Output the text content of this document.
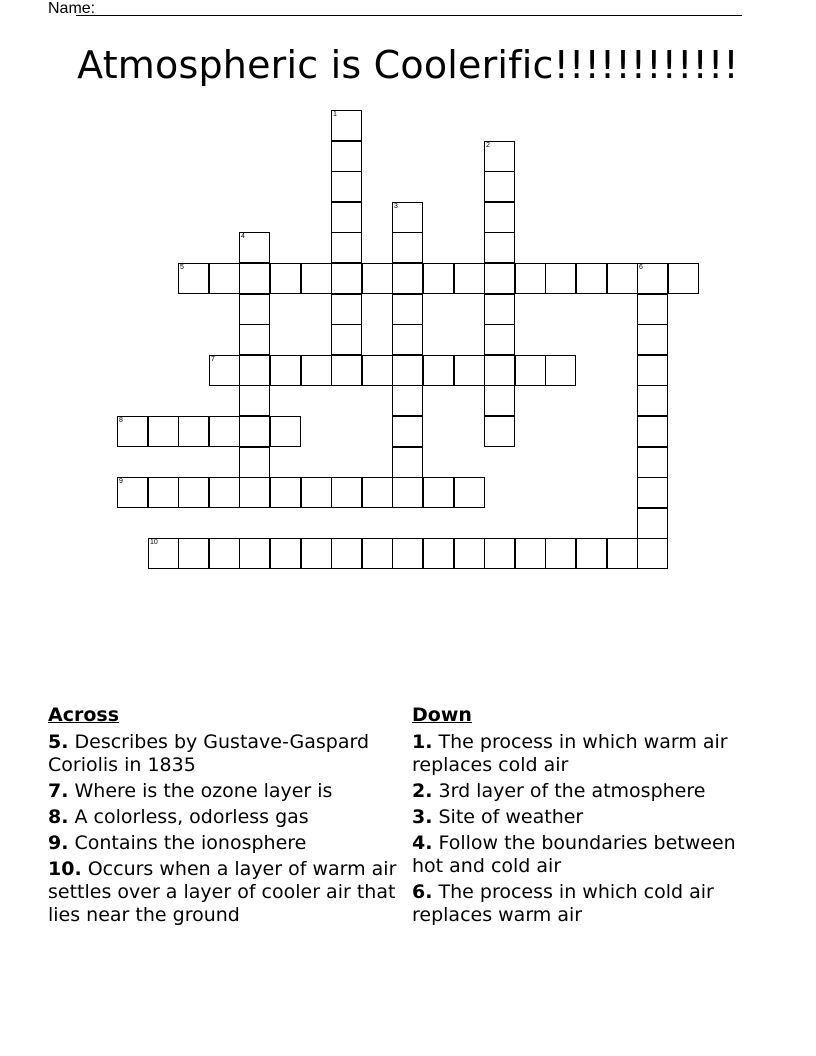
Name:
Atmospheric is Coolerific!!!!!!!!!!!!
1
2
3
4
5	6
7
8
9
10
Across
5. Describes by Gustave-Gaspard Coriolis in 1835
7. Where is the ozone layer is
8. A colorless, odorless gas
9. Contains the ionosphere
10. Occurs when a layer of warm air settles over a layer of cooler air that lies near the ground
Down
1. The process in which warm air replaces cold air
2. 3rd layer of the atmosphere
3. Site of weather
4. Follow the boundaries between hot and cold air
6. The process in which cold air replaces warm air
